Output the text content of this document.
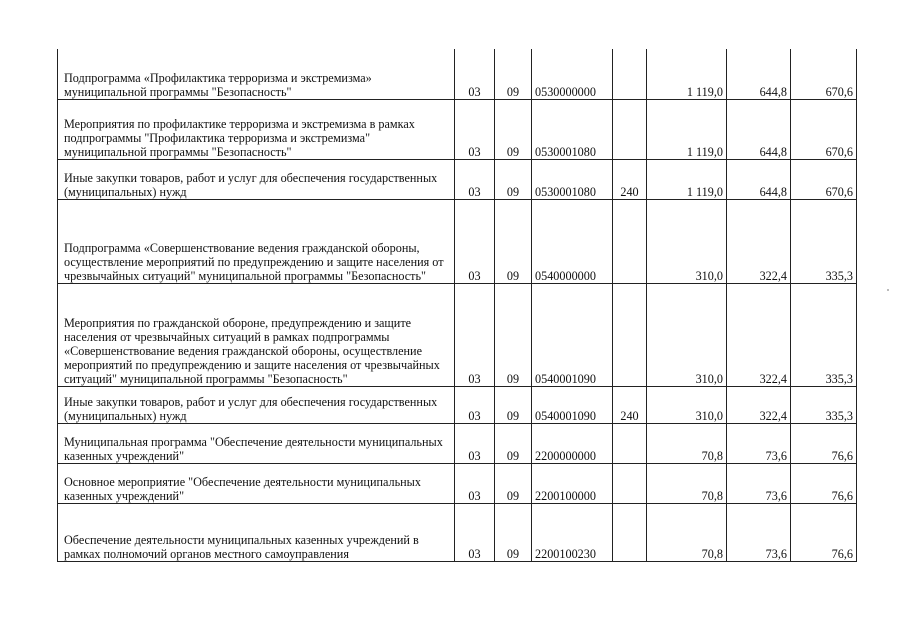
Подпрограмма «Профилактика терроризма и экстремизма» муниципальной программы "Безопасность"	03	09	0530000000		1 119,0	644,8	670,6
Мероприятия по профилактике терроризма и экстремизма в рамках подпрограммы "Профилактика терроризма и экстремизма" муниципальной программы "Безопасность"	03	09	0530001080		1 119,0	644,8	670,6
Иные закупки товаров, работ и услуг для обеспечения государственных (муниципальных) нужд	03	09	0530001080	240	1 119,0	644,8	670,6
Подпрограмма «Совершенствование ведения гражданской обороны, осуществление мероприятий по предупреждению и защите населения от чрезвычайных ситуаций" муниципальной программы "Безопасность"	03	09	0540000000		310,0	322,4	335,3
Мероприятия по гражданской обороне, предупреждению и защите населения от чрезвычайных ситуаций в рамках подпрограммы «Совершенствование ведения гражданской обороны, осуществление мероприятий по предупреждению и защите населения от чрезвычайных ситуаций" муниципальной программы "Безопасность"	03	09	0540001090		310,0	322,4	335,3
Иные закупки товаров, работ и услуг для обеспечения государственных (муниципальных) нужд	03	09	0540001090	240	310,0	322,4	335,3
Муниципальная программа "Обеспечение деятельности муниципальных казенных учреждений"	03	09	2200000000		70,8	73,6	76,6
Основное мероприятие "Обеспечение деятельности муниципальных казенных учреждений"	03	09	2200100000		70,8	73,6	76,6
Обеспечение деятельности муниципальных казенных учреждений в рамках полномочий органов местного самоуправления	03	09	2200100230		70,8	73,6	76,6
